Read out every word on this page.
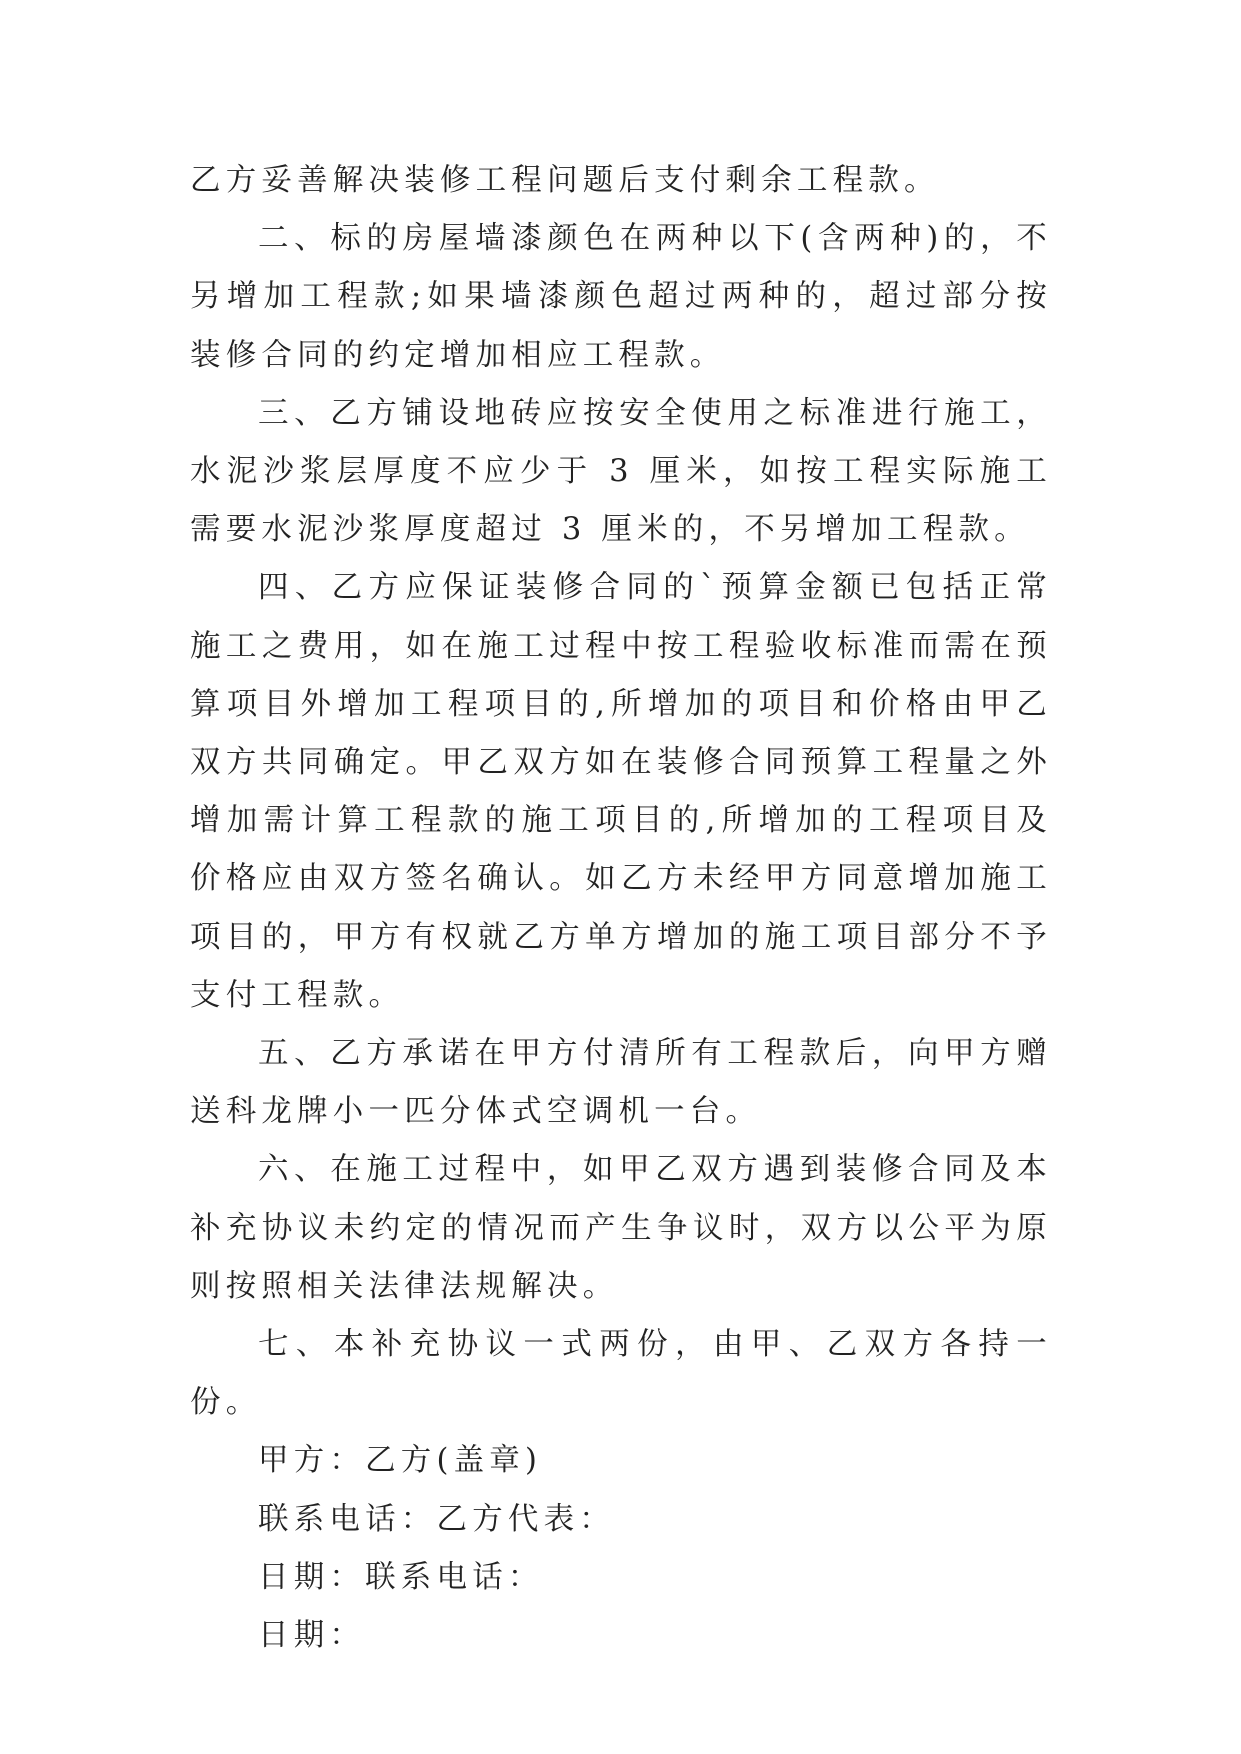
乙方妥善解决装修工程问题后支付剩余工程款。

二、标的房屋墙漆颜色在两种以下(含两种)的，不另增加工程款;如果墙漆颜色超过两种的，超过部分按装修合同的约定增加相应工程款。

三、乙方铺设地砖应按安全使用之标准进行施工，水泥沙浆层厚度不应少于 3 厘米，如按工程实际施工需要水泥沙浆厚度超过 3 厘米的，不另增加工程款。

四、乙方应保证装修合同的`预算金额已包括正常施工之费用，如在施工过程中按工程验收标准而需在预算项目外增加工程项目的,所增加的项目和价格由甲乙双方共同确定。甲乙双方如在装修合同预算工程量之外增加需计算工程款的施工项目的,所增加的工程项目及价格应由双方签名确认。如乙方未经甲方同意增加施工项目的，甲方有权就乙方单方增加的施工项目部分不予支付工程款。

五、乙方承诺在甲方付清所有工程款后，向甲方赠送科龙牌小一匹分体式空调机一台。

六、在施工过程中，如甲乙双方遇到装修合同及本补充协议未约定的情况而产生争议时，双方以公平为原则按照相关法律法规解决。

七、本补充协议一式两份，由甲、乙双方各持一份。

甲方：乙方(盖章)

联系电话：乙方代表：

日期：联系电话：

日期：
